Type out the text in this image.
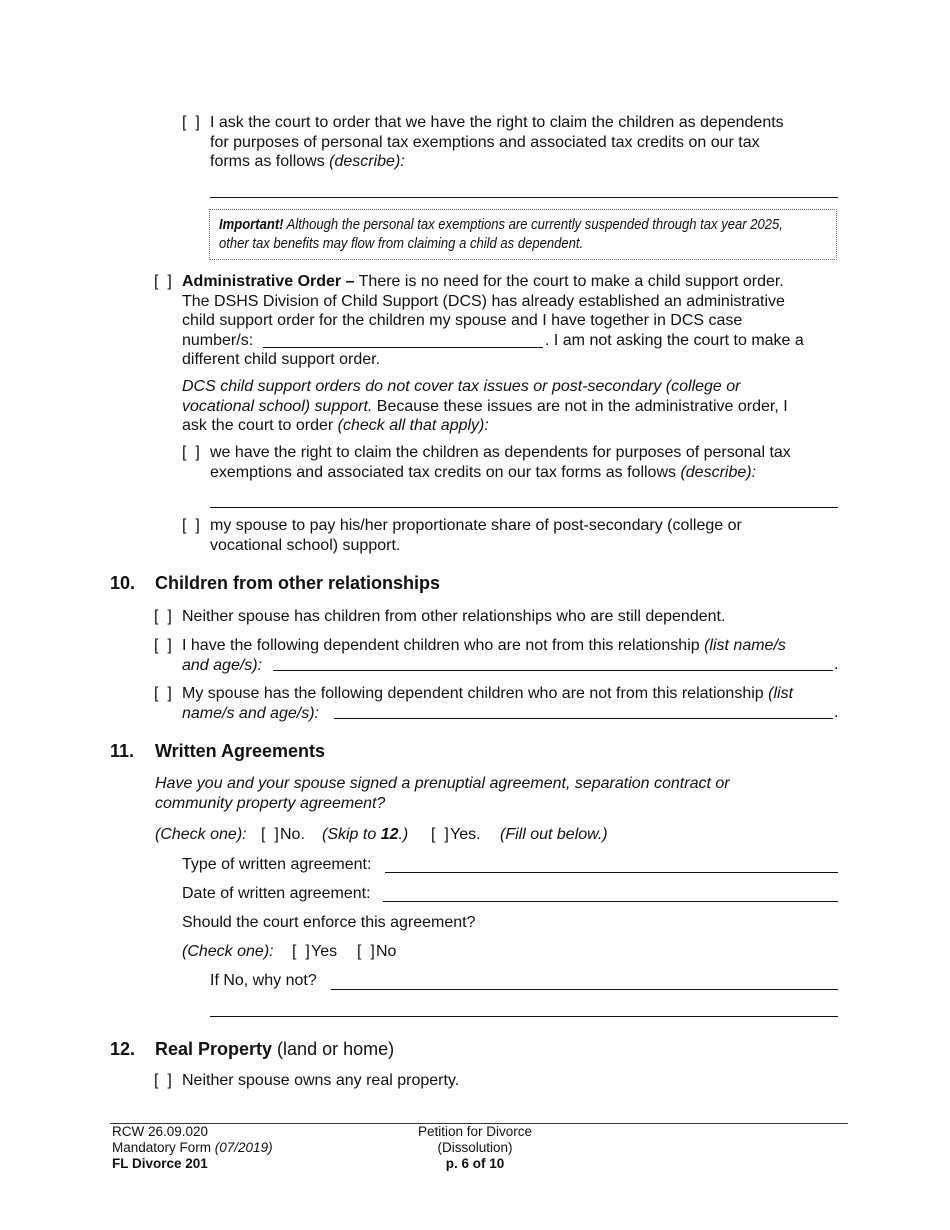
[  ] I ask the court to order that we have the right to claim the children as dependents
for purposes of personal tax exemptions and associated tax credits on our tax
forms as follows (describe):
Important! Although the personal tax exemptions are currently suspended through tax year 2025,
other tax benefits may flow from claiming a child as dependent.
[  ] Administrative Order – There is no need for the court to make a child support order.
The DSHS Division of Child Support (DCS) has already established an administrative
child support order for the children my spouse and I have together in DCS case
number/s:	. I am not asking the court to make a
different child support order.
DCS child support orders do not cover tax issues or post-secondary (college or
vocational school) support. Because these issues are not in the administrative order, I
ask the court to order (check all that apply):
[  ] we have the right to claim the children as dependents for purposes of personal tax
exemptions and associated tax credits on our tax forms as follows (describe):
[  ] my spouse to pay his/her proportionate share of post-secondary (college or
vocational school) support.
10. Children from other relationships
[  ] Neither spouse has children from other relationships who are still dependent.
[  ] I have the following dependent children who are not from this relationship (list name/s
and age/s):	.
[  ] My spouse has the following dependent children who are not from this relationship (list
name/s and age/s):	.
11. Written Agreements
Have you and your spouse signed a prenuptial agreement, separation contract or
community property agreement?
(Check one): [  ] No. (Skip to 12.) [  ] Yes. (Fill out below.)
Type of written agreement:
Date of written agreement:
Should the court enforce this agreement?
(Check one): [  ] Yes [  ] No
If No, why not?
12. Real Property (land or home)
[  ] Neither spouse owns any real property.
RCW 26.09.020
Mandatory Form (07/2019)
FL Divorce 201
Petition for Divorce
(Dissolution)
p. 6 of 10
